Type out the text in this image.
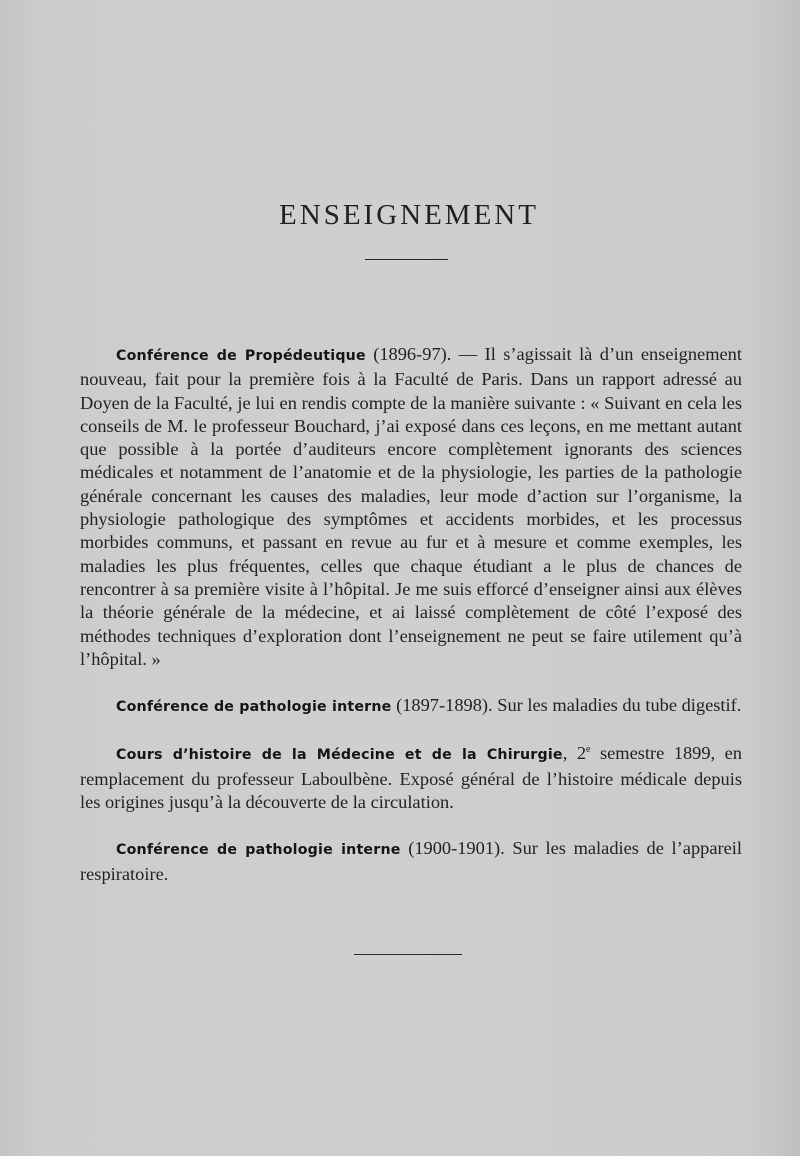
ENSEIGNEMENT

Conférence de Propédeutique (1896-97). — Il s’agissait là d’un enseignement nouveau, fait pour la première fois à la Faculté de Paris. Dans un rapport adressé au Doyen de la Faculté, je lui en rendis compte de la manière suivante : « Suivant en cela les conseils de M. le professeur Bouchard, j’ai exposé dans ces leçons, en me mettant autant que possible à la portée d’auditeurs encore complètement ignorants des sciences médicales et notamment de l’anatomie et de la physiologie, les parties de la pathologie générale concernant les causes des maladies, leur mode d’action sur l’organisme, la physiologie pathologique des symptômes et accidents morbides, et les processus morbides communs, et passant en revue au fur et à mesure et comme exemples, les maladies les plus fréquentes, celles que chaque étudiant a le plus de chances de rencontrer à sa première visite à l’hôpital. Je me suis efforcé d’enseigner ainsi aux élèves la théorie générale de la médecine, et ai laissé complètement de côté l’exposé des méthodes techniques d’exploration dont l’enseignement ne peut se faire utilement qu’à l’hôpital. »

Conférence de pathologie interne (1897-1898). Sur les maladies du tube digestif.

Cours d’histoire de la Médecine et de la Chirurgie, 2e semestre 1899, en remplacement du professeur Laboulbène. Exposé général de l’histoire médicale depuis les origines jusqu’à la découverte de la circulation.

Conférence de pathologie interne (1900-1901). Sur les maladies de l’appareil respiratoire.
